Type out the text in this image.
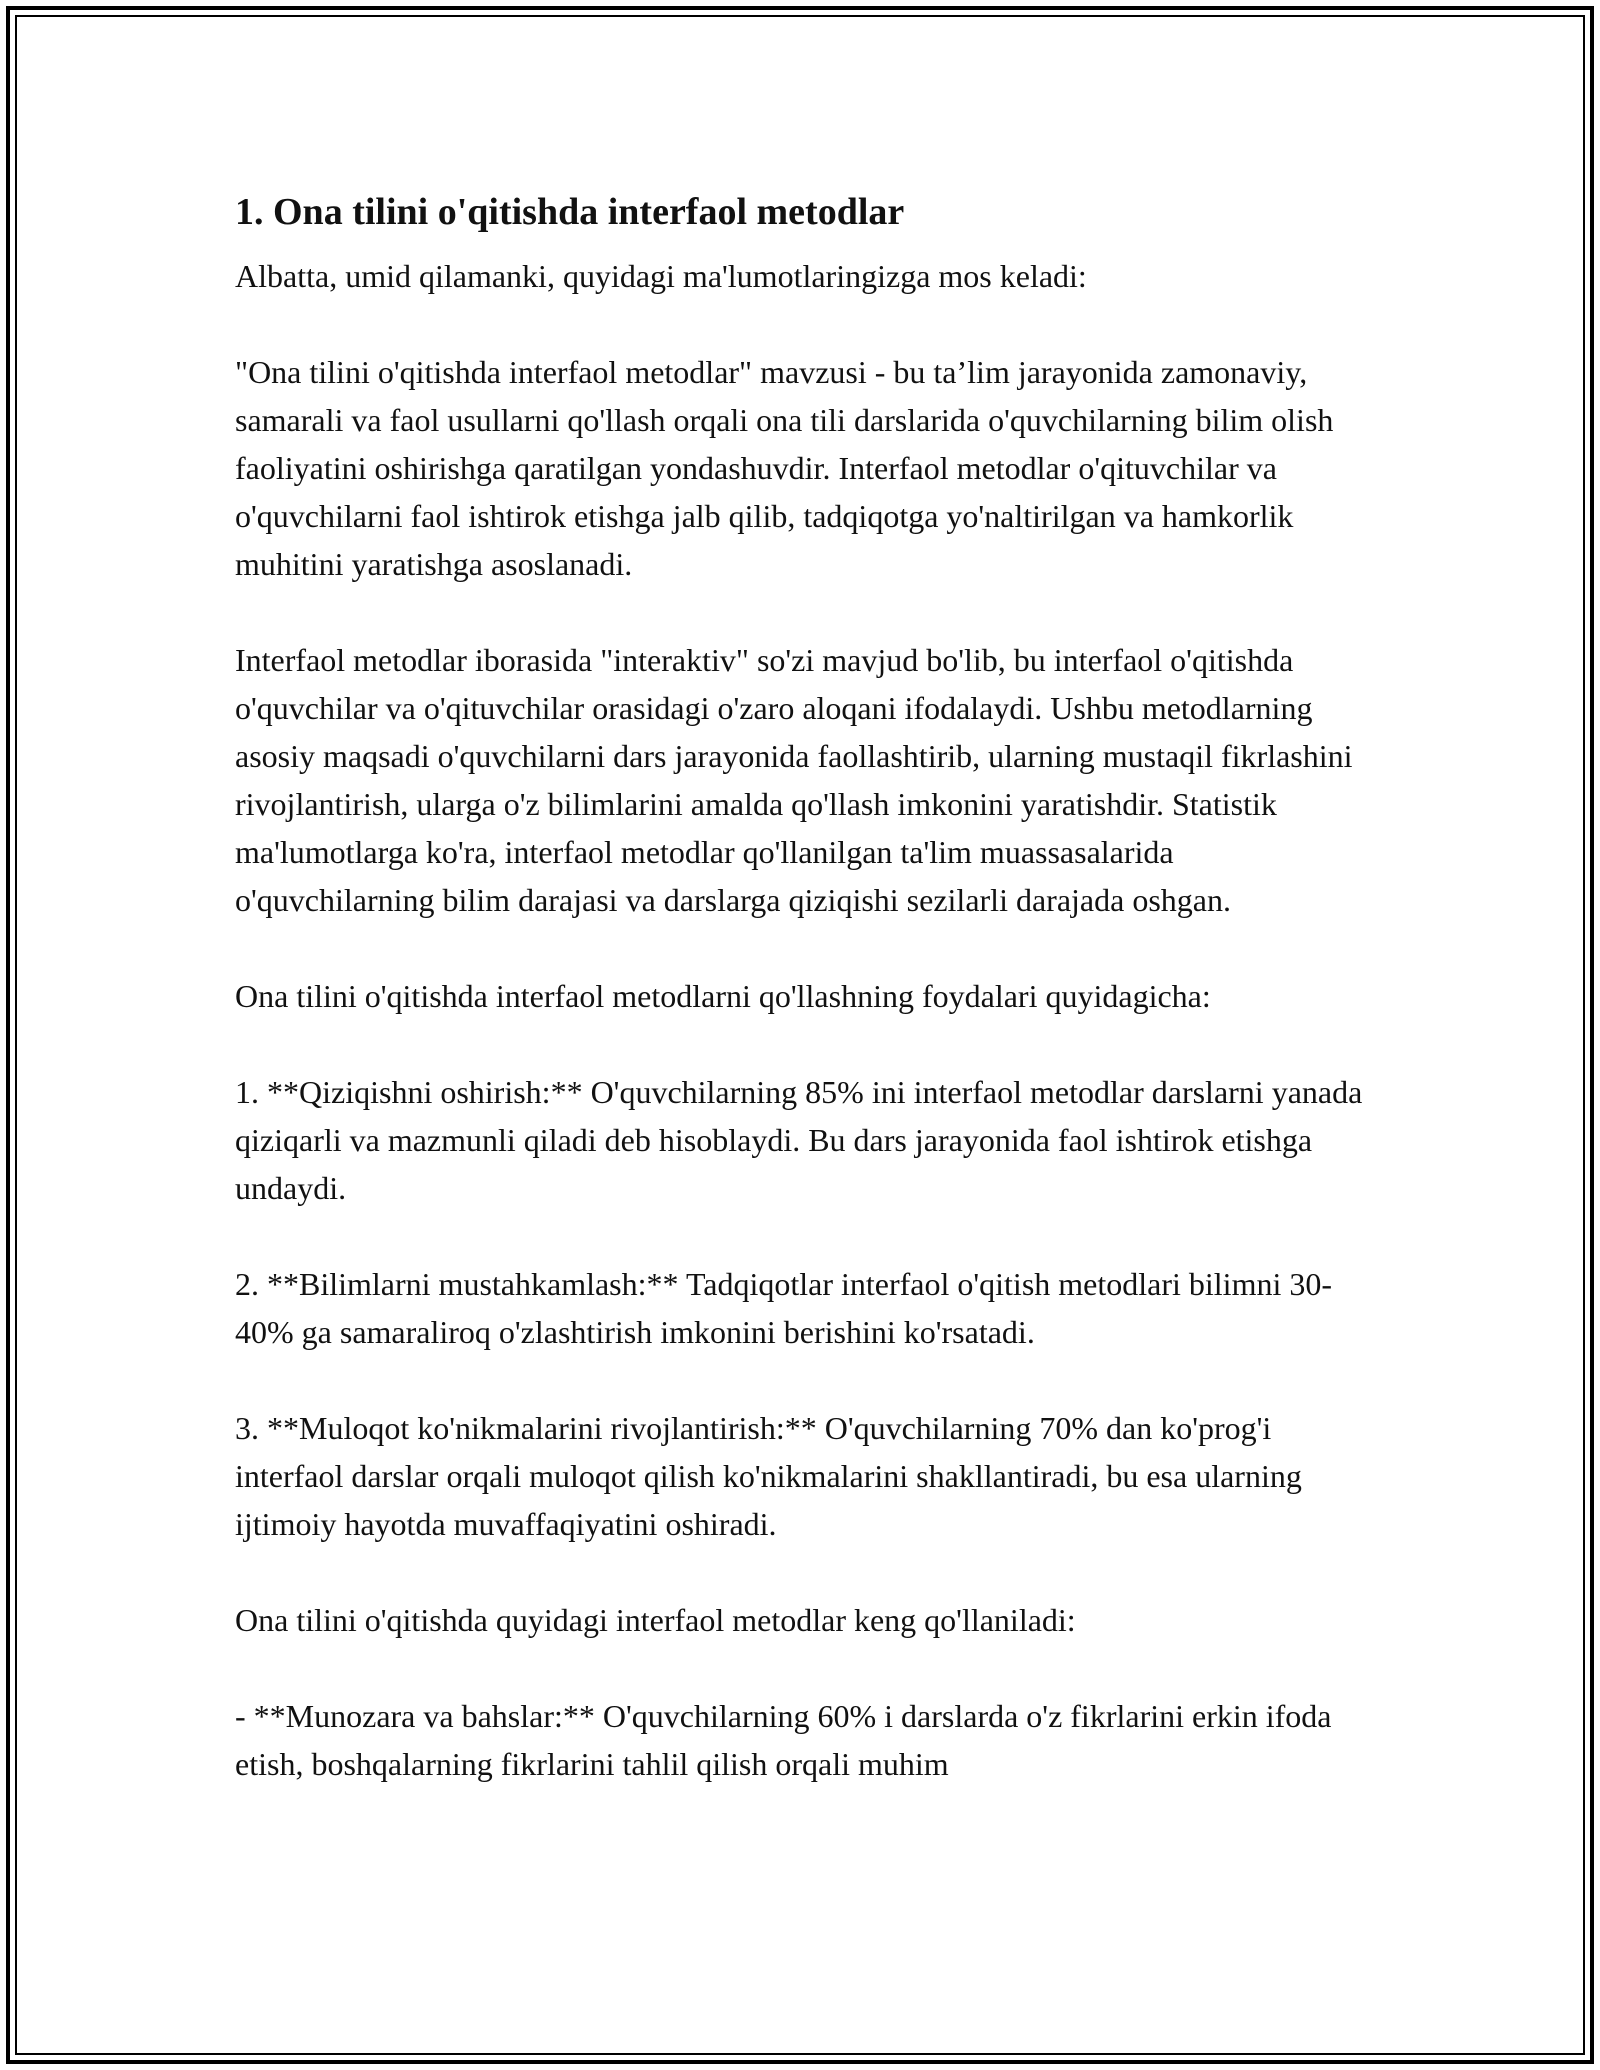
1. Ona tilini o'qitishda interfaol metodlar

Albatta, umid qilamanki, quyidagi ma'lumotlaringizga mos keladi:

"Ona tilini o'qitishda interfaol metodlar" mavzusi - bu ta’lim jarayonida zamonaviy, samarali va faol usullarni qo'llash orqali ona tili darslarida o'quvchilarning bilim olish faoliyatini oshirishga qaratilgan yondashuvdir. Interfaol metodlar o'qituvchilar va o'quvchilarni faol ishtirok etishga jalb qilib, tadqiqotga yo'naltirilgan va hamkorlik muhitini yaratishga asoslanadi.

Interfaol metodlar iborasida "interaktiv" so'zi mavjud bo'lib, bu interfaol o'qitishda o'quvchilar va o'qituvchilar orasidagi o'zaro aloqani ifodalaydi. Ushbu metodlarning asosiy maqsadi o'quvchilarni dars jarayonida faollashtirib, ularning mustaqil fikrlashini rivojlantirish, ularga o'z bilimlarini amalda qo'llash imkonini yaratishdir. Statistik ma'lumotlarga ko'ra, interfaol metodlar qo'llanilgan ta'lim muassasalarida o'quvchilarning bilim darajasi va darslarga qiziqishi sezilarli darajada oshgan.

Ona tilini o'qitishda interfaol metodlarni qo'llashning foydalari quyidagicha:

1. **Qiziqishni oshirish:** O'quvchilarning 85% ini interfaol metodlar darslarni yanada qiziqarli va mazmunli qiladi deb hisoblaydi. Bu dars jarayonida faol ishtirok etishga undaydi.

2. **Bilimlarni mustahkamlash:** Tadqiqotlar interfaol o'qitish metodlari bilimni 30-40% ga samaraliroq o'zlashtirish imkonini berishini ko'rsatadi.

3. **Muloqot ko'nikmalarini rivojlantirish:** O'quvchilarning 70% dan ko'prog'i interfaol darslar orqali muloqot qilish ko'nikmalarini shakllantiradi, bu esa ularning ijtimoiy hayotda muvaffaqiyatini oshiradi.

Ona tilini o'qitishda quyidagi interfaol metodlar keng qo'llaniladi:

- **Munozara va bahslar:** O'quvchilarning 60% i darslarda o'z fikrlarini erkin ifoda etish, boshqalarning fikrlarini tahlil qilish orqali muhim
